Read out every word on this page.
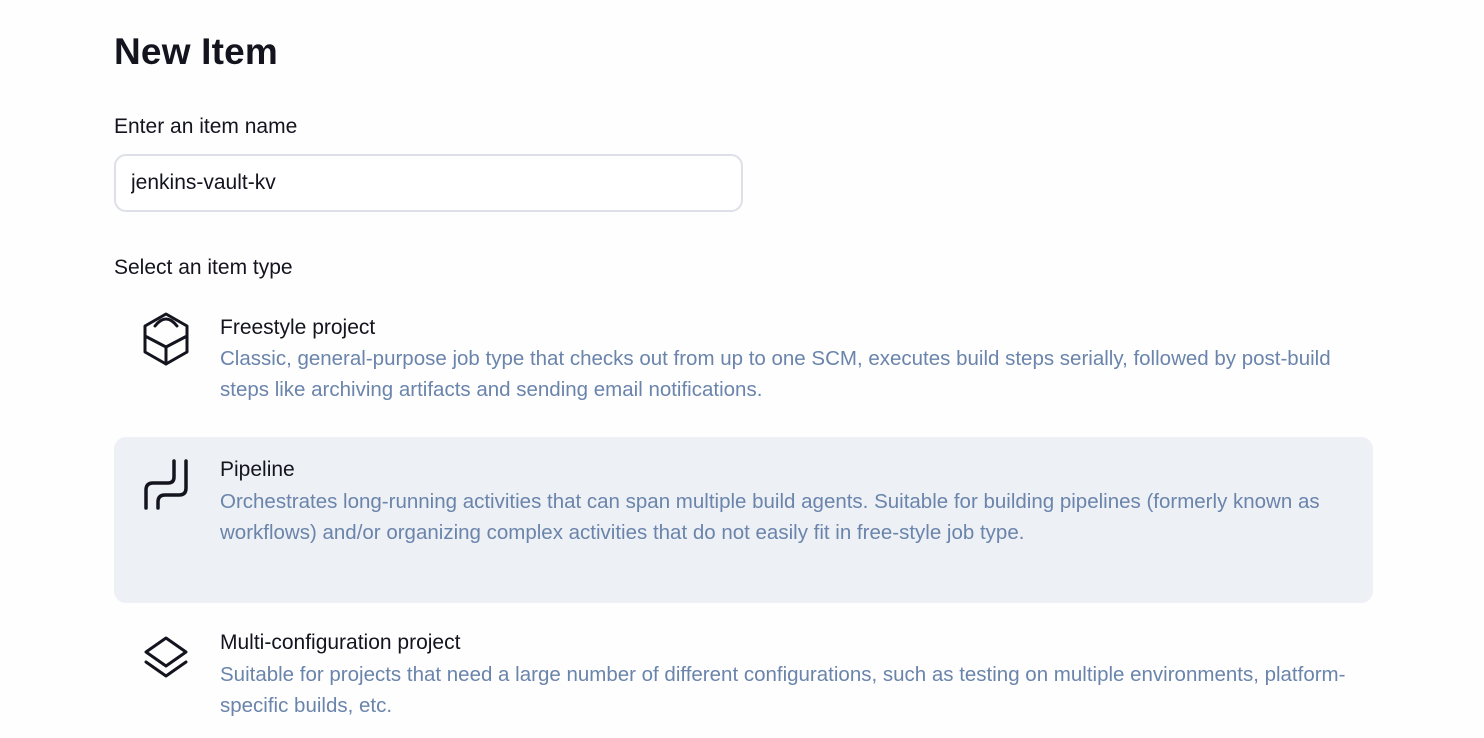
New Item
Enter an item name
jenkins-vault-kv
Select an item type
Freestyle project
Classic, general-purpose job type that checks out from up to one SCM, executes build steps serially, followed by post-build steps like archiving artifacts and sending email notifications.
Pipeline
Orchestrates long-running activities that can span multiple build agents. Suitable for building pipelines (formerly known as workflows) and/or organizing complex activities that do not easily fit in free-style job type.
Multi-configuration project
Suitable for projects that need a large number of different configurations, such as testing on multiple environments, platform-specific builds, etc.
